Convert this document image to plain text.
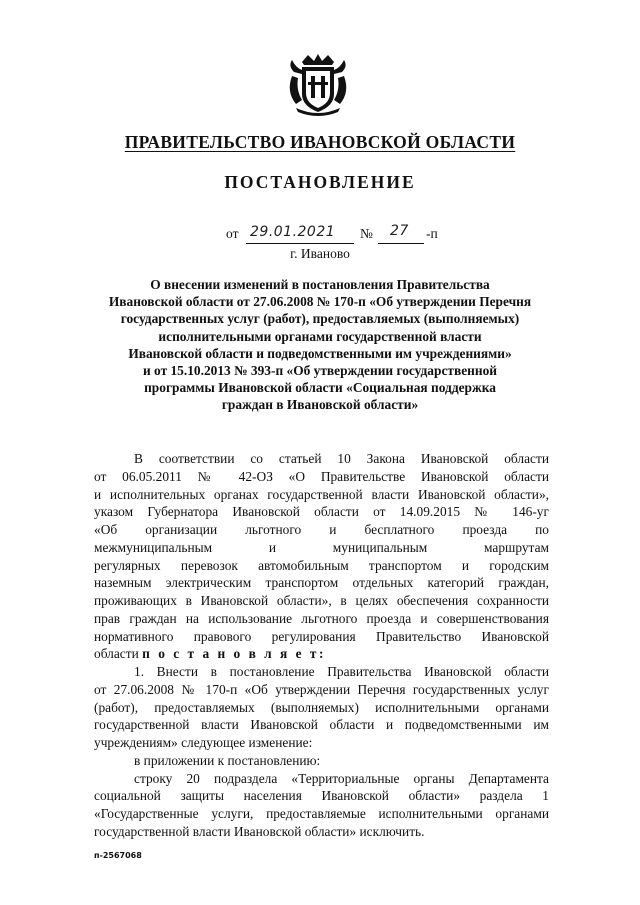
ПРАВИТЕЛЬСТВО ИВАНОВСКОЙ ОБЛАСТИ
ПОСТАНОВЛЕНИЕ
от 29.01.2021 № 27 -п
г. Иваново
О внесении изменений в постановления Правительства
Ивановской области от 27.06.2008 № 170-п «Об утверждении Перечня
государственных услуг (работ), предоставляемых (выполняемых)
исполнительными органами государственной власти
Ивановской области и подведомственными им учреждениями»
и от 15.10.2013 № 393-п «Об утверждении государственной
программы Ивановской области «Социальная поддержка
граждан в Ивановской области»
В соответствии со статьей 10 Закона Ивановской области
от 06.05.2011 № 42-ОЗ «О Правительстве Ивановской области
и исполнительных органах государственной власти Ивановской области»,
указом Губернатора Ивановской области от 14.09.2015 № 146-уг
«Об организации льготного и бесплатного проезда по
межмуниципальным и муниципальным маршрутам
регулярных перевозок автомобильным транспортом и городским
наземным электрическим транспортом отдельных категорий граждан,
проживающих в Ивановской области», в целях обеспечения сохранности
прав граждан на использование льготного проезда и совершенствования
нормативного правового регулирования Правительство Ивановской
области п о с т а н о в л я е т:
1. Внести в постановление Правительства Ивановской области
от 27.06.2008 № 170-п «Об утверждении Перечня государственных услуг
(работ), предоставляемых (выполняемых) исполнительными органами
государственной власти Ивановской области и подведомственными им
учреждениям» следующее изменение:
в приложении к постановлению:
строку 20 подраздела «Территориальные органы Департамента
социальной защиты населения Ивановской области» раздела 1
«Государственные услуги, предоставляемые исполнительными органами
государственной власти Ивановской области» исключить.
п-2567068
